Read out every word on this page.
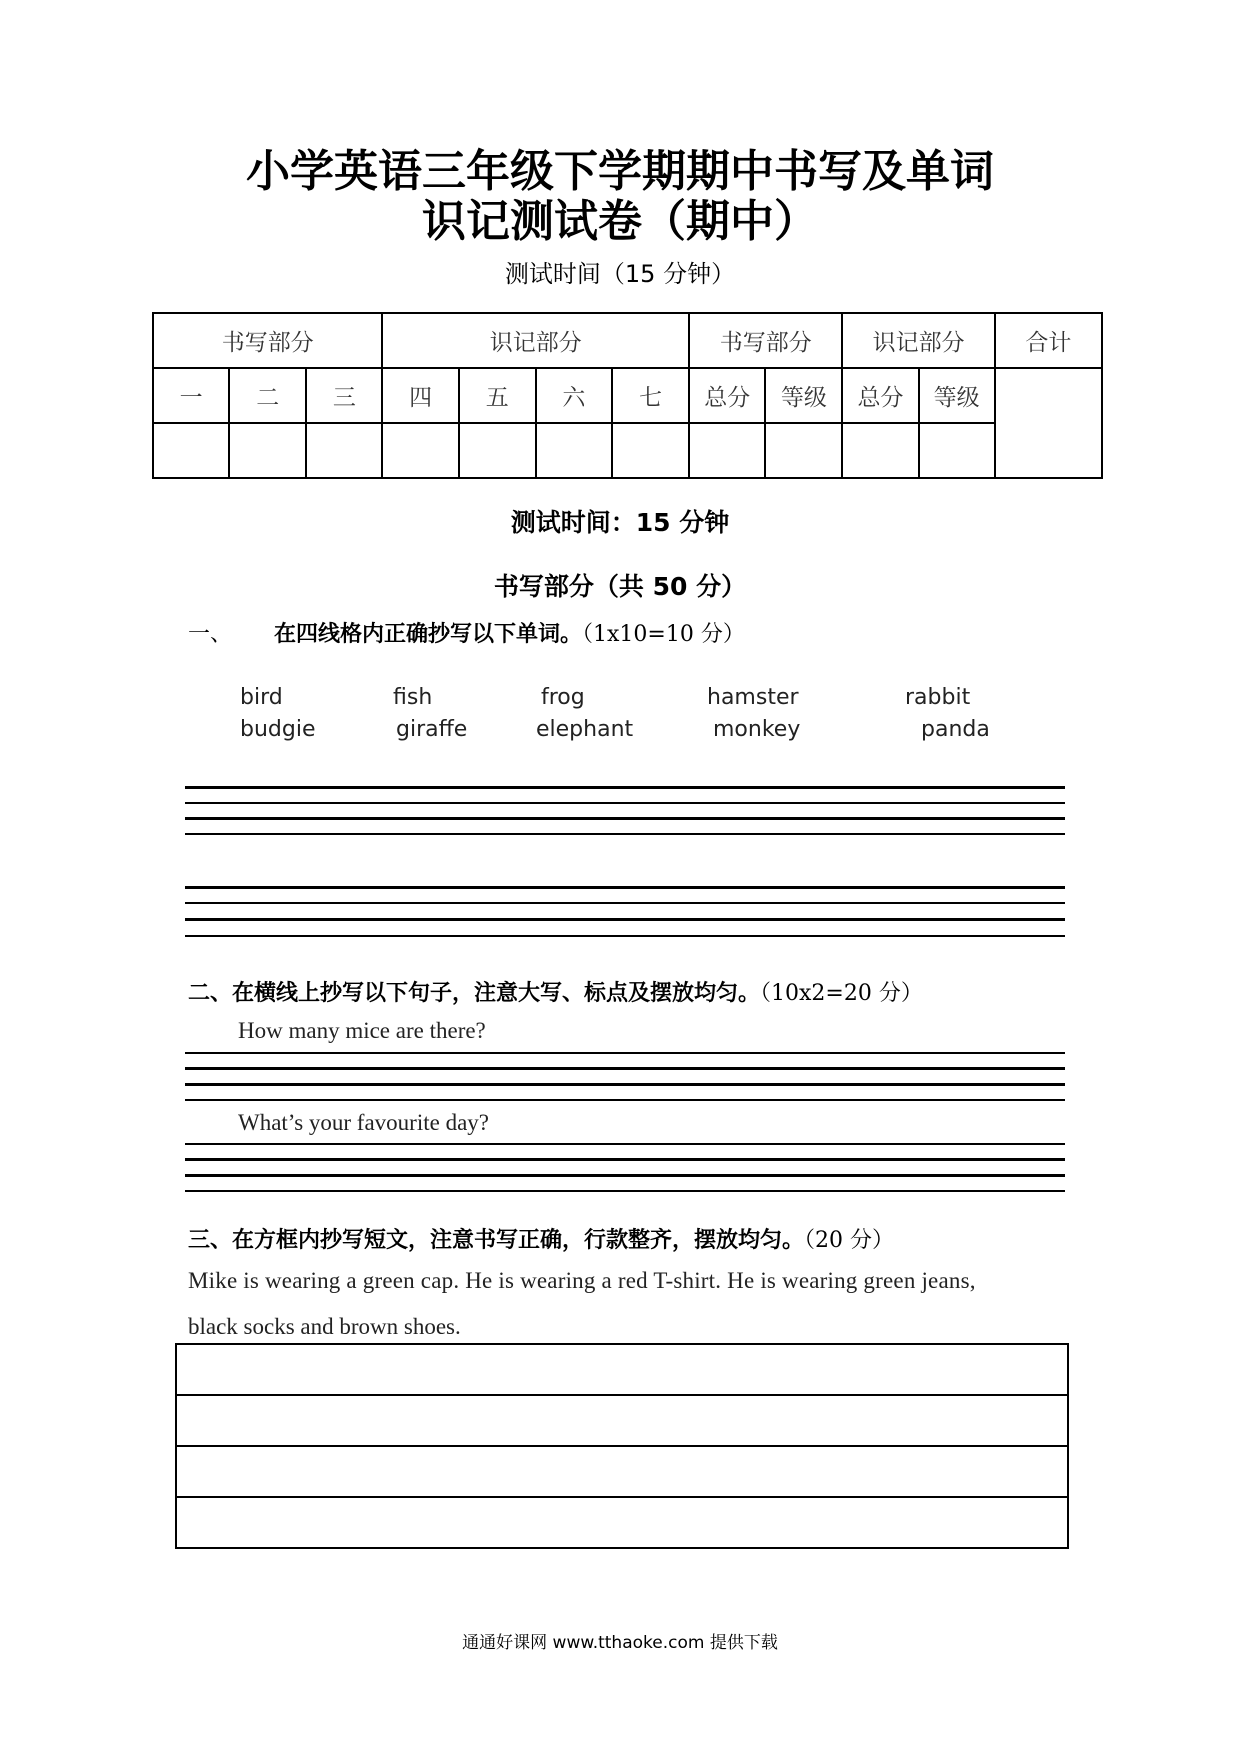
小学英语三年级下学期期中书写及单词
识记测试卷（期中）
测试时间（15 分钟）
书写部分			识记部分				书写部分		识记部分		合计
一	二	三	四	五	六	七	总分	等级	总分	等级	

测试时间：15 分钟
书写部分（共 50 分）
一、 在四线格内正确抄写以下单词。（1x10=10 分）
bird	fish	frog	hamster	rabbit
budgie	giraffe	elephant	monkey	panda
二、在横线上抄写以下句子，注意大写、标点及摆放均匀。（10x2=20 分）
How many mice are there?
What’s your favourite day?
三、在方框内抄写短文，注意书写正确，行款整齐，摆放均匀。（20 分）
Mike is wearing a green cap. He is wearing a red T-shirt. He is wearing green jeans,
black socks and brown shoes.
通通好课网 www.tthaoke.com 提供下载
